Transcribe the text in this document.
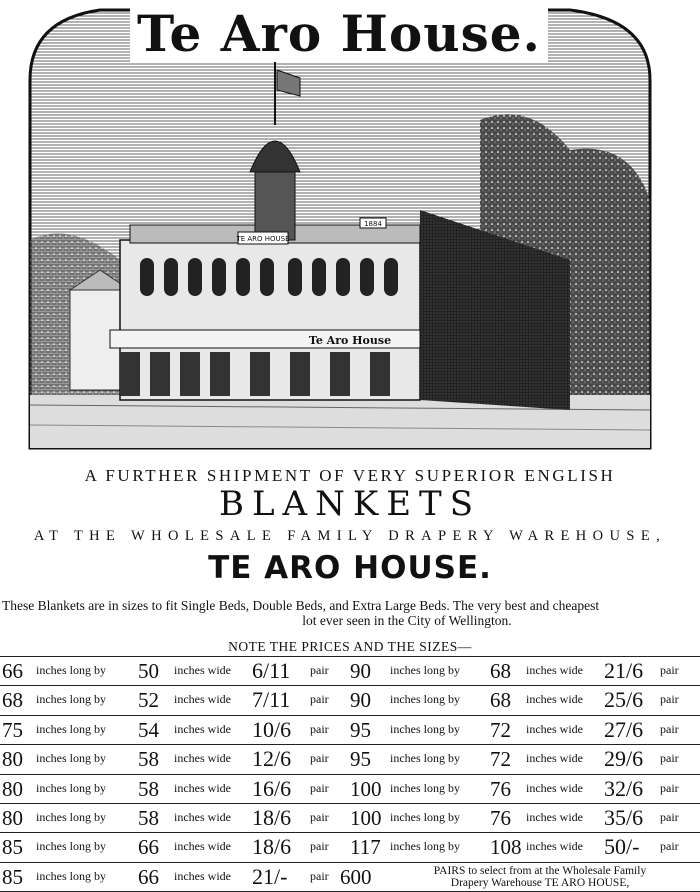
TE ARO HOUSE
1884
Te Aro House
Te Aro House.
A FURTHER SHIPMENT OF VERY SUPERIOR ENGLISH
BLANKETS
AT THE WHOLESALE FAMILY DRAPERY WAREHOUSE,
TE ARO HOUSE.
These Blankets are in sizes to fit Single Beds, Double Beds, and Extra Large Beds. The very best and cheapest
lot ever seen in the City of Wellington.
NOTE THE PRICES AND THE SIZES—
66 inches long by 50 inches wide 6/11 pair 90 inches long by 68 inches wide 21/6 pair
68 inches long by 52 inches wide 7/11 pair 90 inches long by 68 inches wide 25/6 pair
75 inches long by 54 inches wide 10/6 pair 95 inches long by 72 inches wide 27/6 pair
80 inches long by 58 inches wide 12/6 pair 95 inches long by 72 inches wide 29/6 pair
80 inches long by 58 inches wide 16/6 pair 100 inches long by 76 inches wide 32/6 pair
80 inches long by 58 inches wide 18/6 pair 100 inches long by 76 inches wide 35/6 pair
85 inches long by 66 inches wide 18/6 pair 117 inches long by 108 inches wide 50/- pair
85 inches long by 66 inches wide 21/- pair 600	PAIRS to select from at the Wholesale Family
Drapery Warehouse TE ARO HOUSE,
